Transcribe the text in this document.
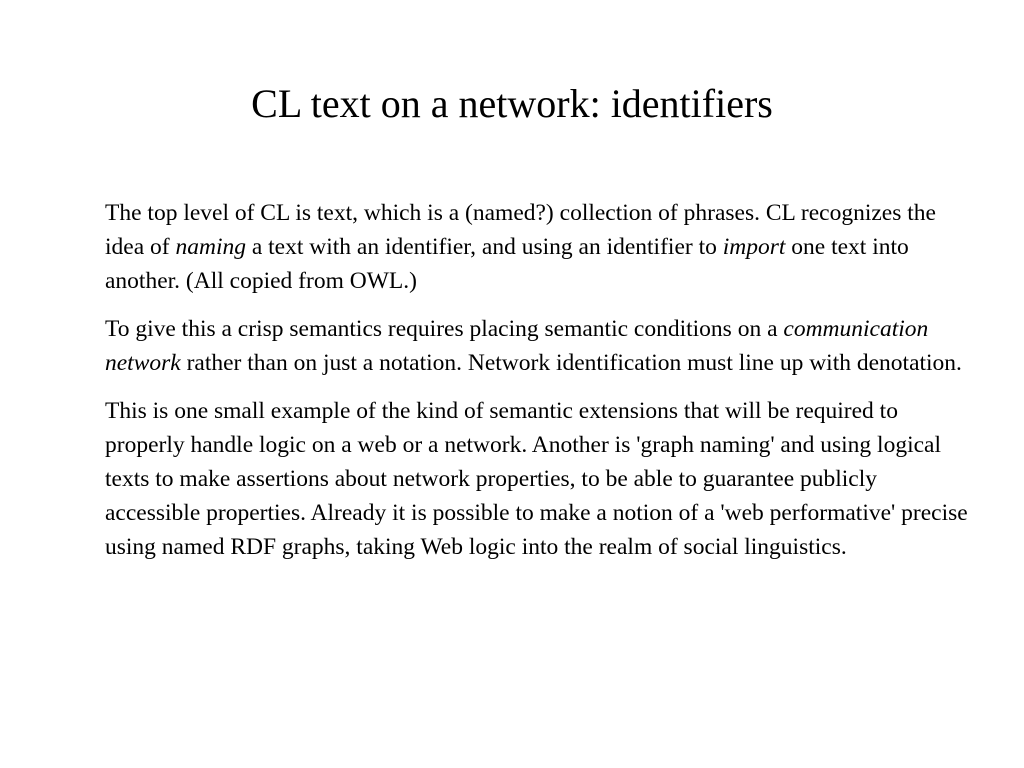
CL text on a network: identifiers

The top level of CL is text, which is a (named?) collection of phrases. CL recognizes the idea of naming a text with an identifier, and using an identifier to import one text into another. (All copied from OWL.)

To give this a crisp semantics requires placing semantic conditions on a communication network rather than on just a notation. Network identification must line up with denotation.

This is one small example of the kind of semantic extensions that will be required to properly handle logic on a web or a network. Another is 'graph naming' and using logical texts to make assertions about network properties, to be able to guarantee publicly accessible properties. Already it is possible to make a notion of a 'web performative' precise using named RDF graphs, taking Web logic into the realm of social linguistics.
